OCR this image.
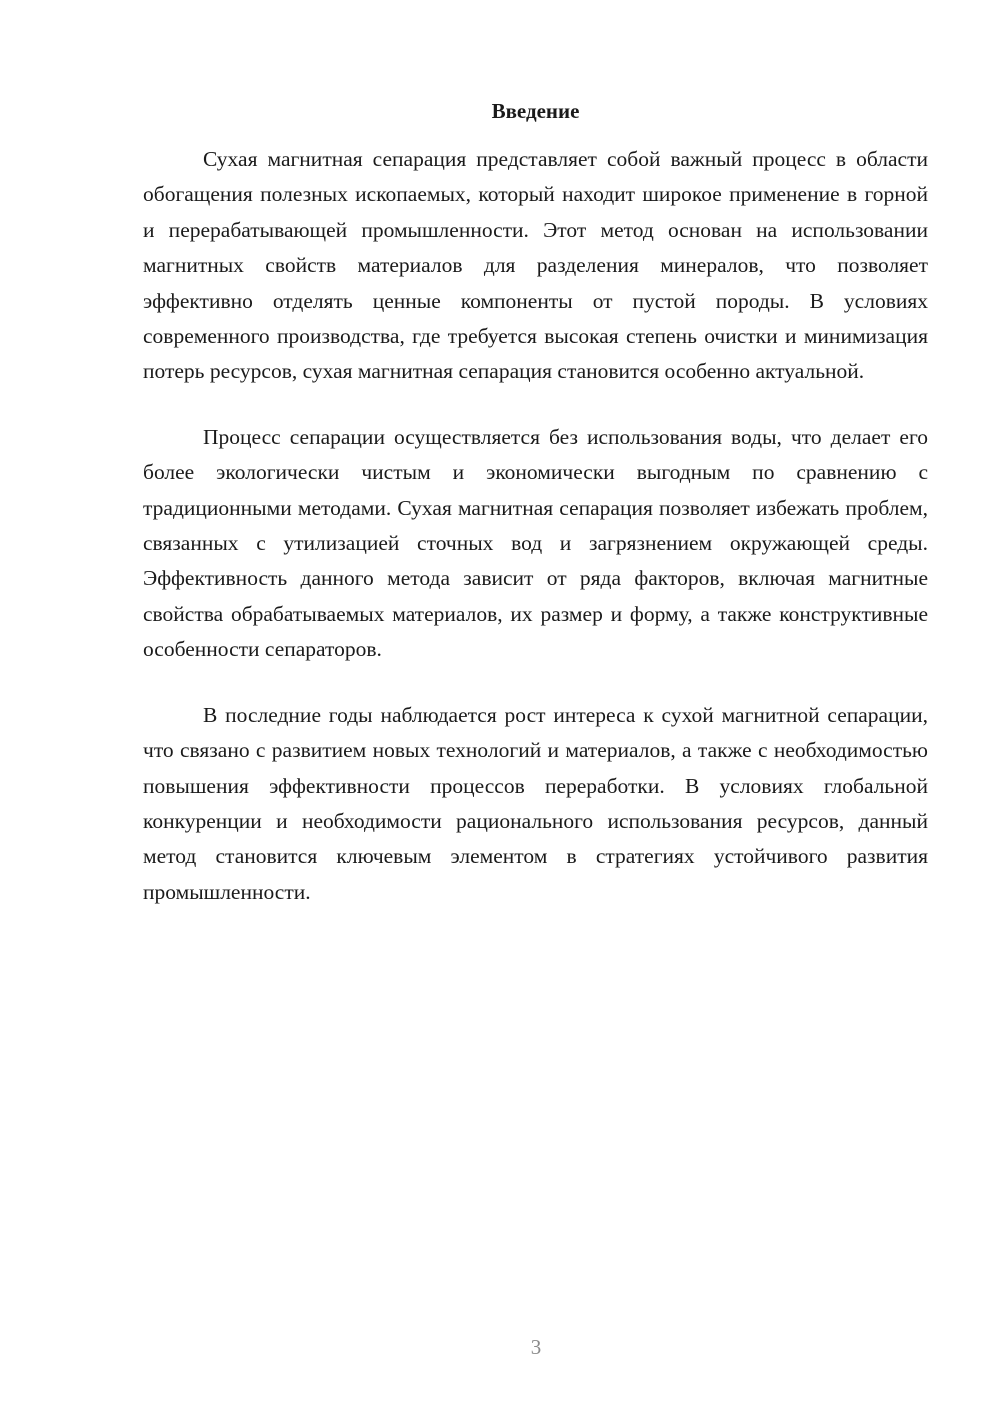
Введение

Сухая магнитная сепарация представляет собой важный процесс в области обогащения полезных ископаемых, который находит широкое применение в горной и перерабатывающей промышленности. Этот метод основан на использовании магнитных свойств материалов для разделения минералов, что позволяет эффективно отделять ценные компоненты от пустой породы. В условиях современного производства, где требуется высокая степень очистки и минимизация потерь ресурсов, сухая магнитная сепарация становится особенно актуальной.

Процесс сепарации осуществляется без использования воды, что делает его более экологически чистым и экономически выгодным по сравнению с традиционными методами. Сухая магнитная сепарация позволяет избежать проблем, связанных с утилизацией сточных вод и загрязнением окружающей среды. Эффективность данного метода зависит от ряда факторов, включая магнитные свойства обрабатываемых материалов, их размер и форму, а также конструктивные особенности сепараторов.

В последние годы наблюдается рост интереса к сухой магнитной сепарации, что связано с развитием новых технологий и материалов, а также с необходимостью повышения эффективности процессов переработки. В условиях глобальной конкуренции и необходимости рационального использования ресурсов, данный метод становится ключевым элементом в стратегиях устойчивого развития промышленности.

3
